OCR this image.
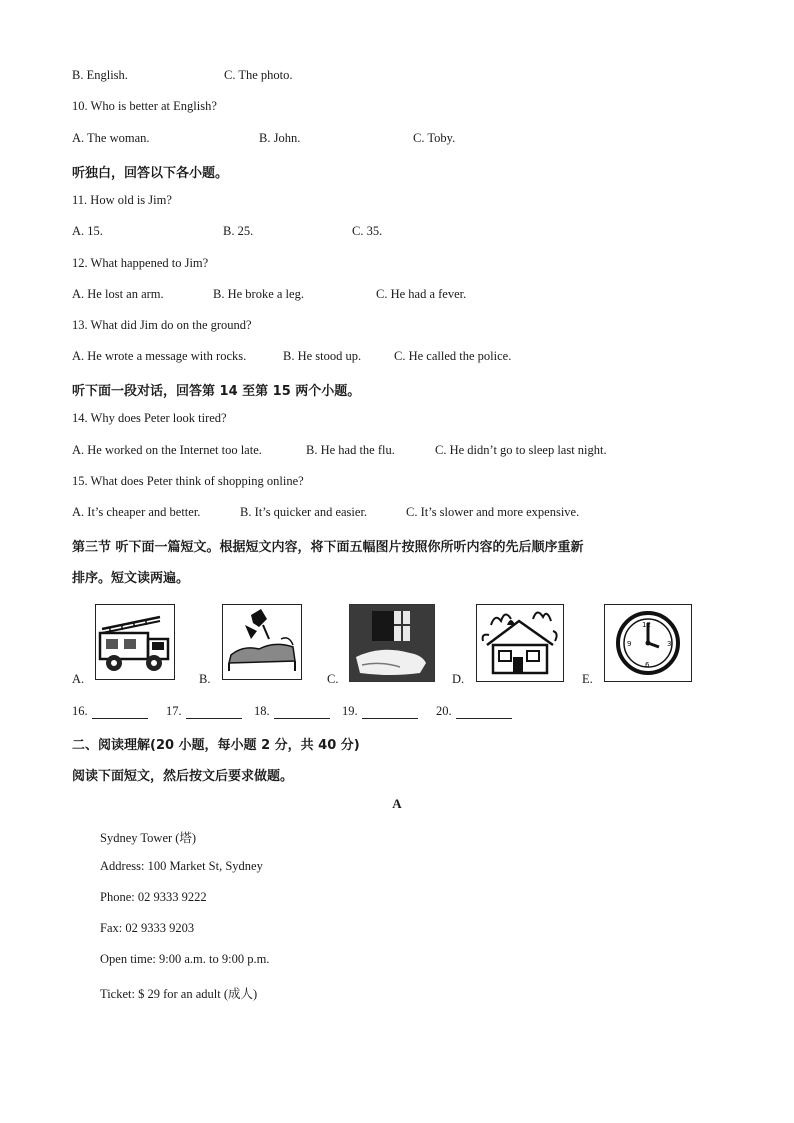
B. English.	C. The photo.
10. Who is better at English?
A. The woman.	B. John.	C. Toby.
听独白，回答以下各小题。
11. How old is Jim?
A. 15.	B. 25.	C. 35.
12. What happened to Jim?
A. He lost an arm.	B. He broke a leg.	C. He had a fever.
13. What did Jim do on the ground?
A. He wrote a message with rocks.	B. He stood up.	C. He called the police.
听下面一段对话，回答第 14 至第 15 两个小题。
14. Why does Peter look tired?
A. He worked on the Internet too late.	B. He had the flu.	C. He didn’t go to sleep last night.
15. What does Peter think of shopping online?
A. It’s cheaper and better.	B. It’s quicker and easier.	C. It’s slower and more expensive.
第三节 听下面一篇短文。根据短文内容，将下面五幅图片按照你所听内容的先后顺序重新
排序。短文读两遍。
A.	B.	C.	D.
12
3
6
9
E.
16.	17.	18.	19.	20.
二、阅读理解(20 小题，每小题 2 分，共 40 分)
阅读下面短文，然后按文后要求做题。
A
Sydney Tower (塔)
Address: 100 Market St, Sydney
Phone: 02 9333 9222
Fax: 02 9333 9203
Open time: 9:00 a.m. to 9:00 p.m.
Ticket: $ 29 for an adult (成人)
